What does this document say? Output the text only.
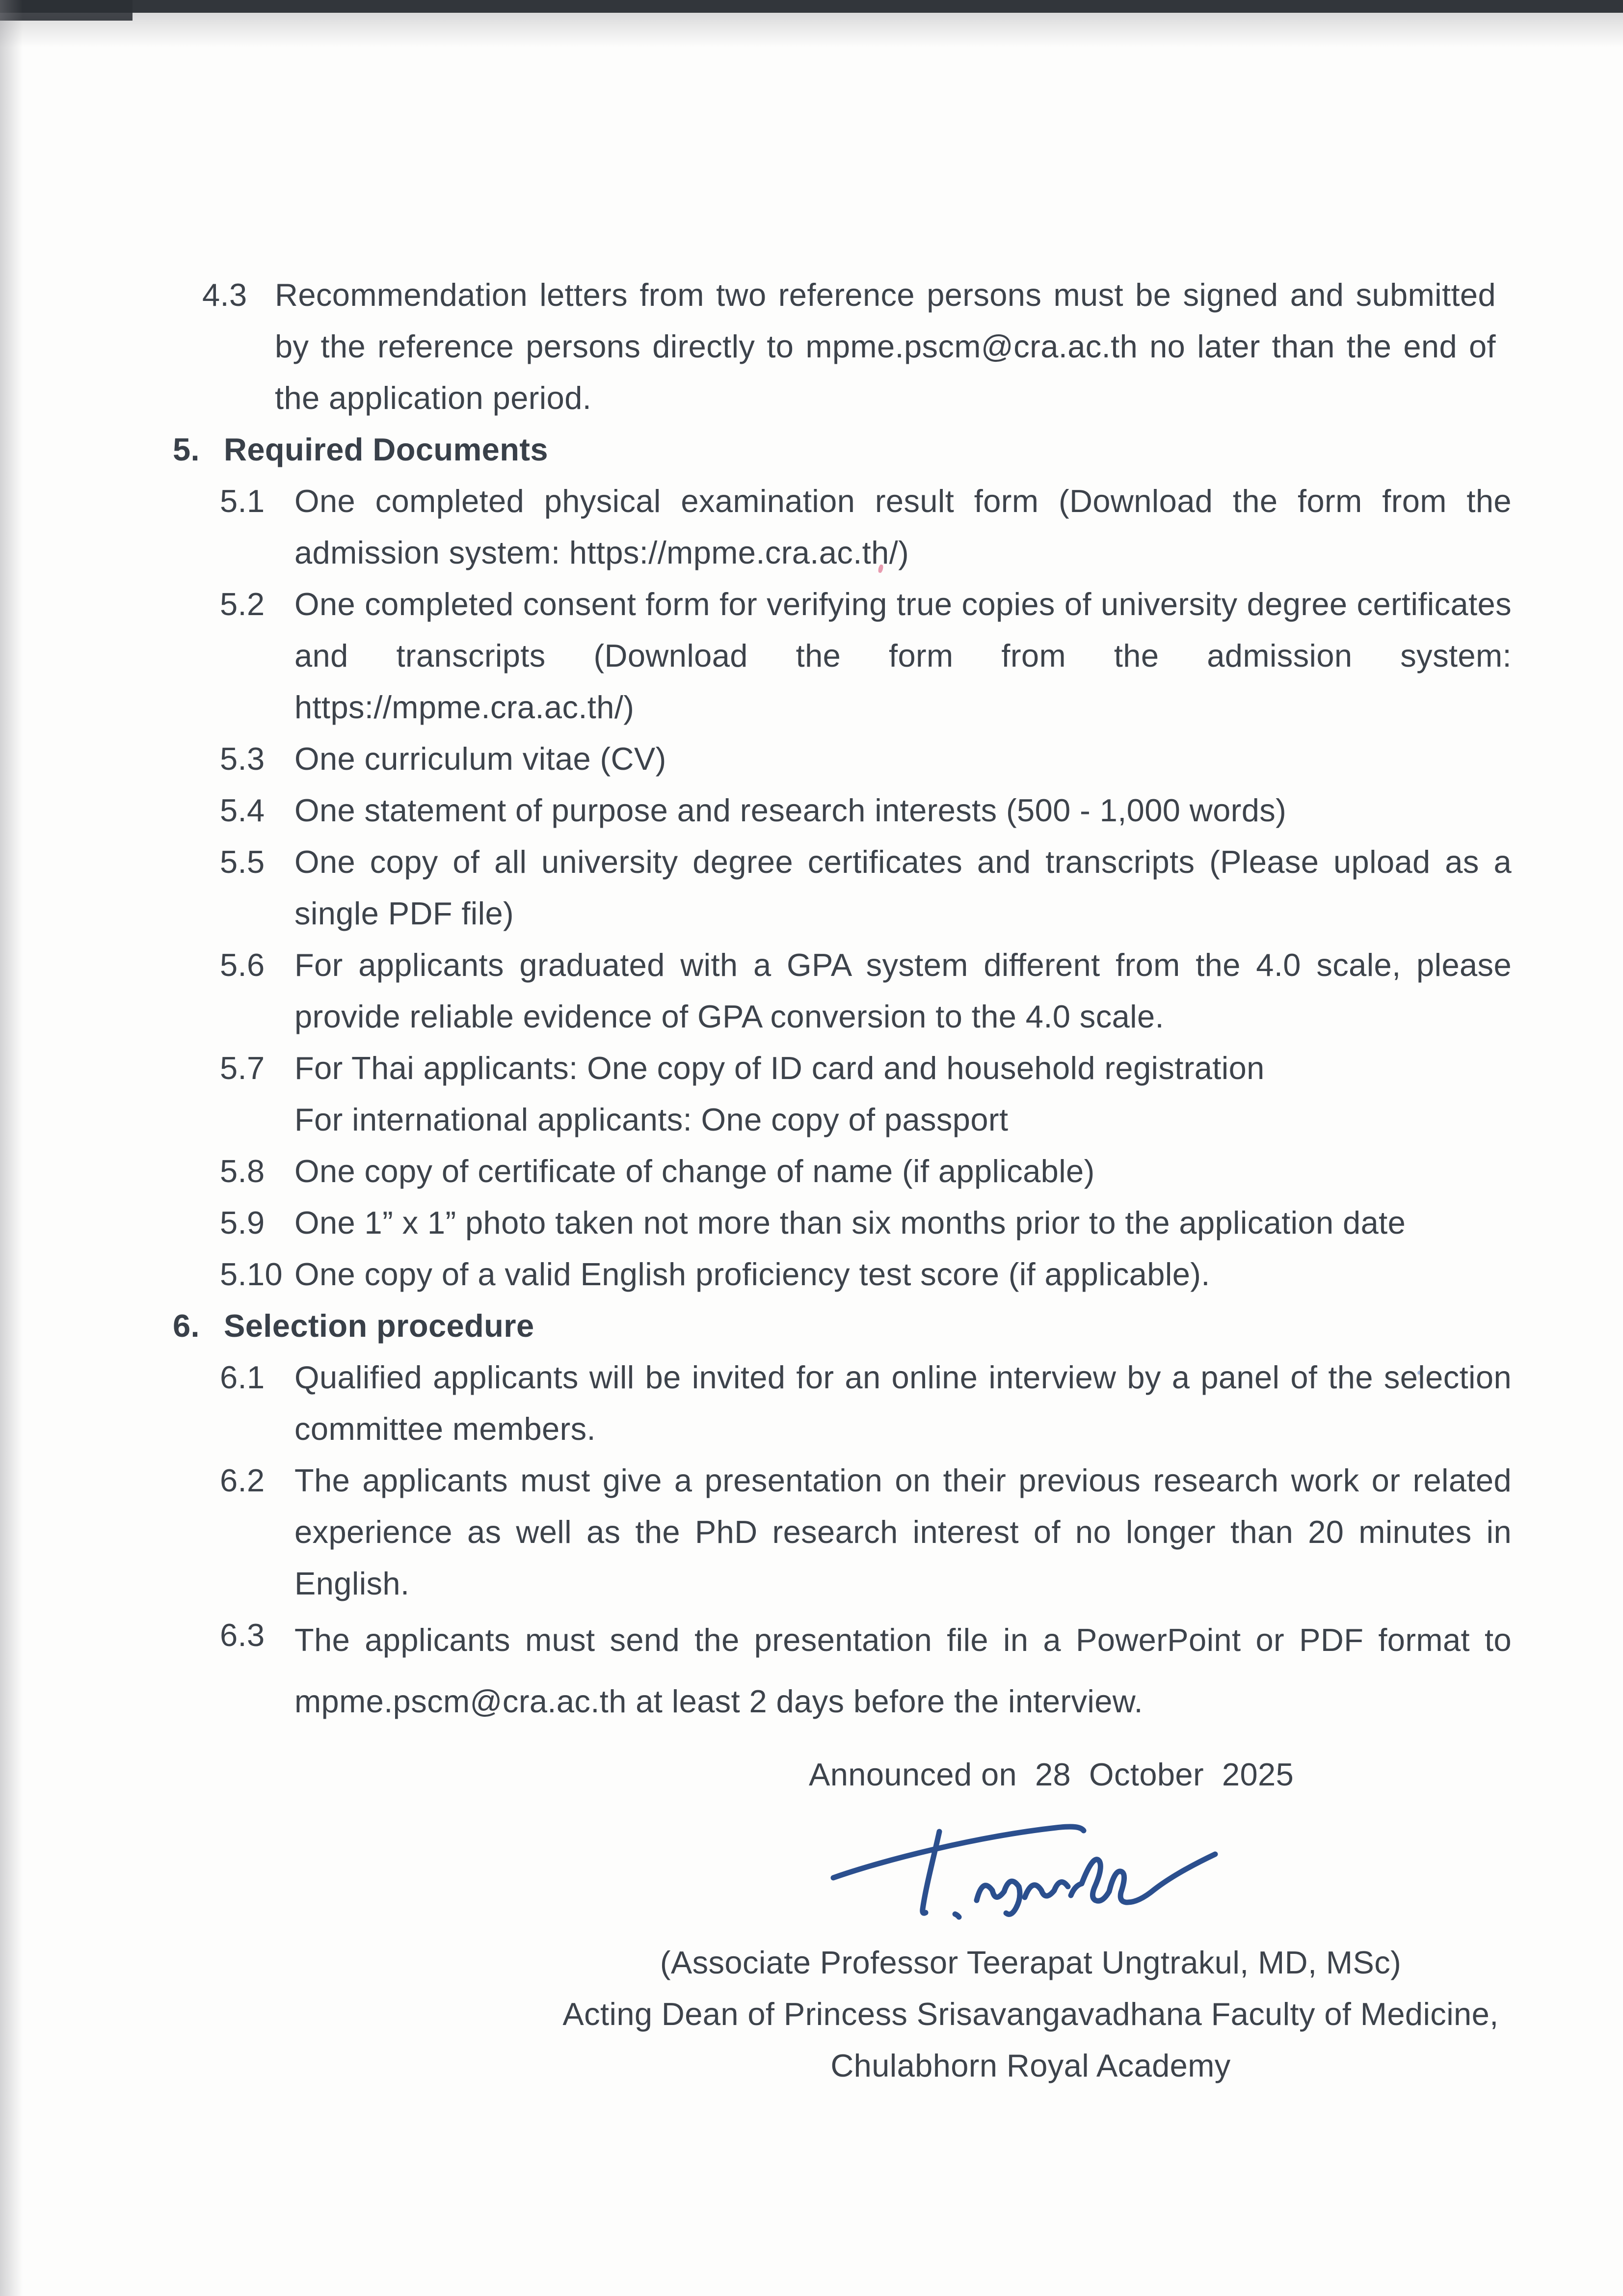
4.3 Recommendation letters from two reference persons must be signed and submitted by the reference persons directly to mpme.pscm@cra.ac.th no later than the end of the application period.
5. Required Documents
5.1 One completed physical examination result form (Download the form from the admission system: https://mpme.cra.ac.th/)
5.2 One completed consent form for verifying true copies of university degree certificates and transcripts (Download the form from the admission system: https://mpme.cra.ac.th/)
5.3 One curriculum vitae (CV)
5.4 One statement of purpose and research interests (500 - 1,000 words)
5.5 One copy of all university degree certificates and transcripts (Please upload as a single PDF file)
5.6 For applicants graduated with a GPA system different from the 4.0 scale, please provide reliable evidence of GPA conversion to the 4.0 scale.
5.7 For Thai applicants: One copy of ID card and household registration
For international applicants: One copy of passport
5.8 One copy of certificate of change of name (if applicable)
5.9 One 1” x 1” photo taken not more than six months prior to the application date
5.10 One copy of a valid English proficiency test score (if applicable).
6. Selection procedure
6.1 Qualified applicants will be invited for an online interview by a panel of the selection committee members.
6.2 The applicants must give a presentation on their previous research work or related experience as well as the PhD research interest of no longer than 20 minutes in English.
6.3 The applicants must send the presentation file in a PowerPoint or PDF format to mpme.pscm@cra.ac.th at least 2 days before the interview.
Announced on  28  October  2025
(Associate Professor Teerapat Ungtrakul, MD, MSc)
Acting Dean of Princess Srisavangavadhana Faculty of Medicine,
Chulabhorn Royal Academy
